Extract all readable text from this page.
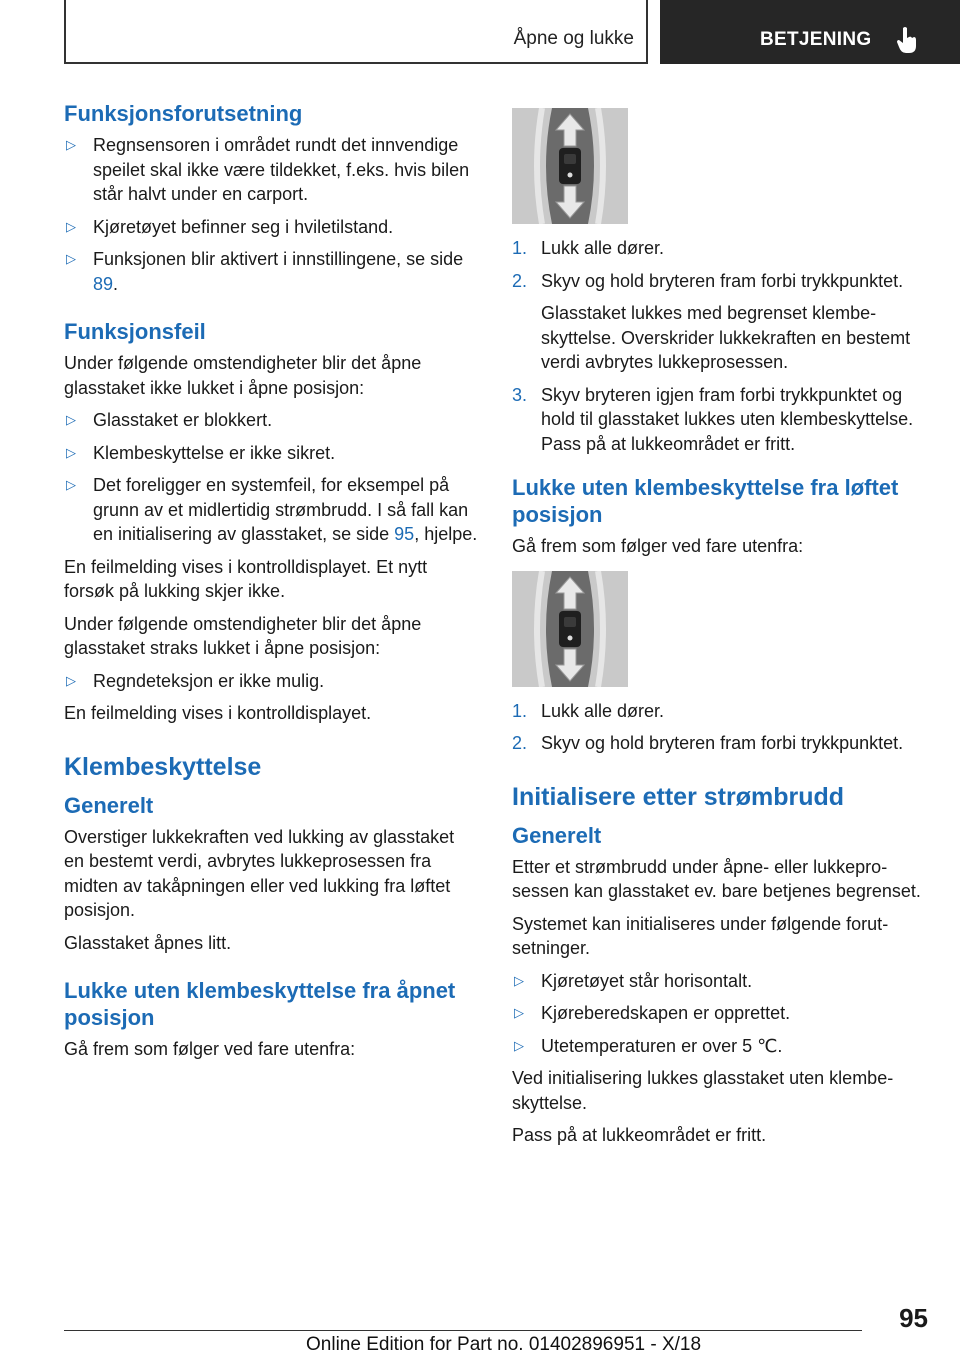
Åpne og lukke	BETJENING
Funksjonsforutsetning
▷ Regnsensoren i området rundt det innvendige speilet skal ikke være tildekket, f.eks. hvis bilen står halvt under en carport.
▷ Kjøretøyet befinner seg i hviletilstand.
▷ Funksjonen blir aktivert i innstillingene, se side 89.
Funksjonsfeil

Under følgende omstendigheter blir det åpne glasstaket ikke lukket i åpne posisjon:

▷ Glasstaket er blokkert.
▷ Klembeskyttelse er ikke sikret.
▷ Det foreligger en systemfeil, for eksempel på grunn av et midlertidig strømbrudd. I så fall kan en initialisering av glasstaket, se side 95, hjelpe.

En feilmelding vises i kontrolldisplayet. Et nytt forsøk på lukking skjer ikke.

Under følgende omstendigheter blir det åpne glasstaket straks lukket i åpne posisjon:

▷ Regndeteksjon er ikke mulig.

En feilmelding vises i kontrolldisplayet.

Klembeskyttelse
Generelt

Overstiger lukkekraften ved lukking av glasstaket en bestemt verdi, avbrytes lukkeprosessen fra midten av takåpningen eller ved lukking fra løftet posisjon.

Glasstaket åpnes litt.

Lukke uten klembeskyttelse fra åpnet posisjon

Gå frem som følger ved fare utenfra:

1. Lukk alle dører.
2. Skyv og hold bryteren fram forbi trykkpunktet.

Glasstaket lukkes med begrenset klembeskyttelse. Overskrider lukkekraften en bestemt verdi avbrytes lukkeprosessen.

3. Skyv bryteren igjen fram forbi trykkpunktet og hold til glasstaket lukkes uten klembeskyttelse. Pass på at lukkeområdet er fritt.
Lukke uten klembeskyttelse fra løftet posisjon

Gå frem som følger ved fare utenfra:

1. Lukk alle dører.
2. Skyv og hold bryteren fram forbi trykkpunktet.
Initialisere etter strømbrudd
Generelt

Etter et strømbrudd under åpne- eller lukkeprosessen kan glasstaket ev. bare betjenes begrenset.

Systemet kan initialiseres under følgende forutsetninger.

▷ Kjøretøyet står horisontalt.
▷ Kjøreberedskapen er opprettet.
▷ Utetemperaturen er over 5 ℃.

Ved initialisering lukkes glasstaket uten klembeskyttelse.

Pass på at lukkeområdet er fritt.

95
Online Edition for Part no. 01402896951 - X/18
